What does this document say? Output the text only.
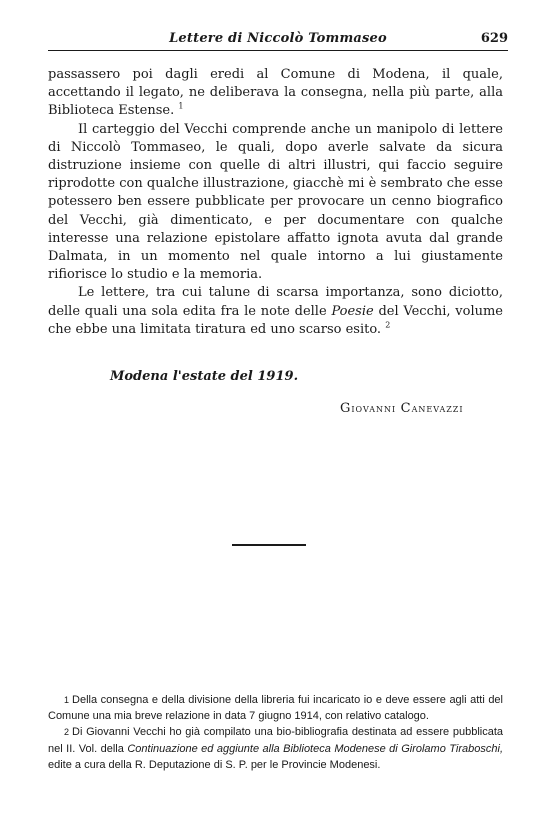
Lettere di Niccolò Tommaseo	629

passassero poi dagli eredi al Comune di Modena, il quale, accettando il legato, ne deliberava la consegna, nella più parte, alla Biblioteca Estense. $^1$

Il carteggio del Vecchi comprende anche un manipolo di lettere di Niccolò Tommaseo, le quali, dopo averle salvate da sicura distruzione insieme con quelle di altri illustri, qui faccio seguire riprodotte con qualche illustrazione, giacchè mi è sembrato che esse potessero ben essere pubblicate per provocare un cenno biografico del Vecchi, già dimenticato, e per documentare con qualche interesse una relazione epistolare affatto ignota avuta dal grande Dalmata, in un momento nel quale intorno a lui giustamente rifiorisce lo studio e la memoria.

Le lettere, tra cui talune di scarsa importanza, sono diciotto, delle quali una sola edita fra le note delle Poesie del Vecchi, volume che ebbe una limitata tiratura ed uno scarso esito. $^2$

Modena l'estate del 1919.
Giovanni Canevazzi

1 Della consegna e della divisione della libreria fui incaricato io e deve essere agli atti del Comune una mia breve relazione in data 7 giugno 1914, con relativo catalogo.

2 Di Giovanni Vecchi ho già compilato una bio-bibliografia destinata ad essere pubblicata nel II. Vol. della Continuazione ed aggiunte alla Biblioteca Modenese di Girolamo Tiraboschi, edite a cura della R. Deputazione di S. P. per le Provincie Modenesi.
